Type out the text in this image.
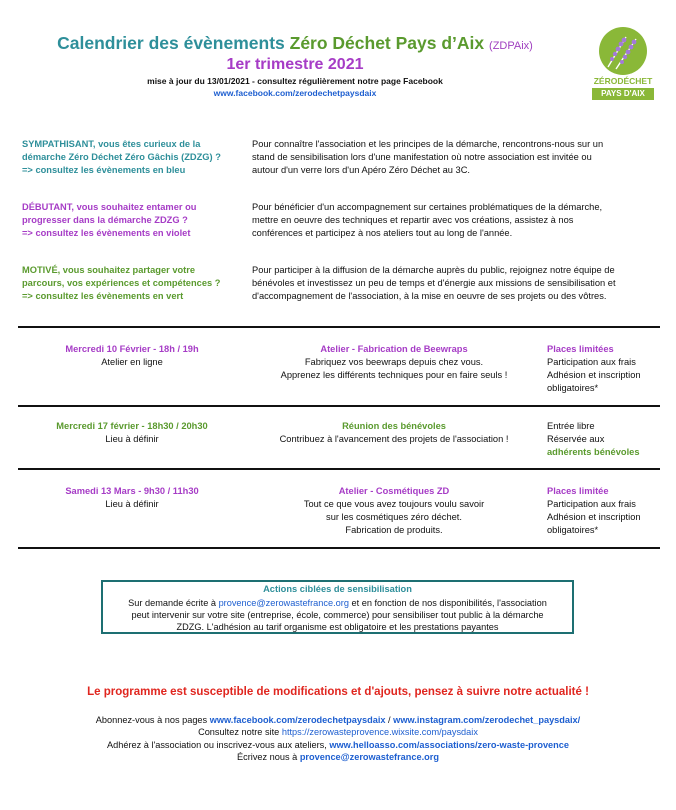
Calendrier des évènements Zéro Déchet Pays d’Aix (ZDPAix)
1er trimestre 2021
mise à jour du 13/01/2021 - consultez régulièrement notre page Facebook
www.facebook.com/zerodechetpaysdaix
ZÉRODÉCHET
PAYS D'AIX
SYMPATHISANT, vous êtes curieux de la
démarche Zéro Déchet Zéro Gâchis (ZDZG) ?
=> consultez les évènements en bleu
Pour connaître l'association et les principes de la démarche, rencontrons-nous sur un
stand de sensibilisation lors d'une manifestation où notre association est invitée ou
autour d'un verre lors d'un Apéro Zéro Déchet au 3C.
DÉBUTANT, vous souhaitez entamer ou
progresser dans la démarche ZDZG ?
=> consultez les évènements en violet
Pour bénéficier d'un accompagnement sur certaines problématiques de la démarche,
mettre en oeuvre des techniques et repartir avec vos créations, assistez à nos
conférences et participez à nos ateliers tout au long de l'année.
MOTIVÉ, vous souhaitez partager votre
parcours, vos expériences et compétences ?
=> consultez les évènements en vert
Pour participer à la diffusion de la démarche auprès du public, rejoignez notre équipe de
bénévoles et investissez un peu de temps et d'énergie aux missions de sensibilisation et
d'accompagnement de l'association, à la mise en oeuvre de ses projets ou des vôtres.
Mercredi 10 Février - 18h / 19h
Atelier en ligne
Atelier - Fabrication de Beewraps
Fabriquez vos beewraps depuis chez vous.
Apprenez les différents techniques pour en faire seuls !
Places limitées
Participation aux frais
Adhésion et inscription
obligatoires*
Mercredi 17 février - 18h30 / 20h30
Lieu à définir
Réunion des bénévoles
Contribuez à l'avancement des projets de l'association !
Entrée libre
Réservée aux
adhérents bénévoles
Samedi 13 Mars - 9h30 / 11h30
Lieu à définir
Atelier - Cosmétiques ZD
Tout ce que vous avez toujours voulu savoir
sur les cosmétiques zéro déchet.
Fabrication de produits.
Places limitée
Participation aux frais
Adhésion et inscription
obligatoires*
Actions ciblées de sensibilisation
Sur demande écrite à provence@zerowastefrance.org et en fonction de nos disponibilités, l'association
peut intervenir sur votre site (entreprise, école, commerce) pour sensibiliser tout public à la démarche
ZDZG. L'adhésion au tarif organisme est obligatoire et les prestations payantes
Le programme est susceptible de modifications et d'ajouts, pensez à suivre notre actualité !
Abonnez-vous à nos pages www.facebook.com/zerodechetpaysdaix / www.instagram.com/zerodechet_paysdaix/
Consultez notre site https://zerowasteprovence.wixsite.com/paysdaix
Adhérez à l'association ou inscrivez-vous aux ateliers, www.helloasso.com/associations/zero-waste-provence
Écrivez nous à provence@zerowastefrance.org
